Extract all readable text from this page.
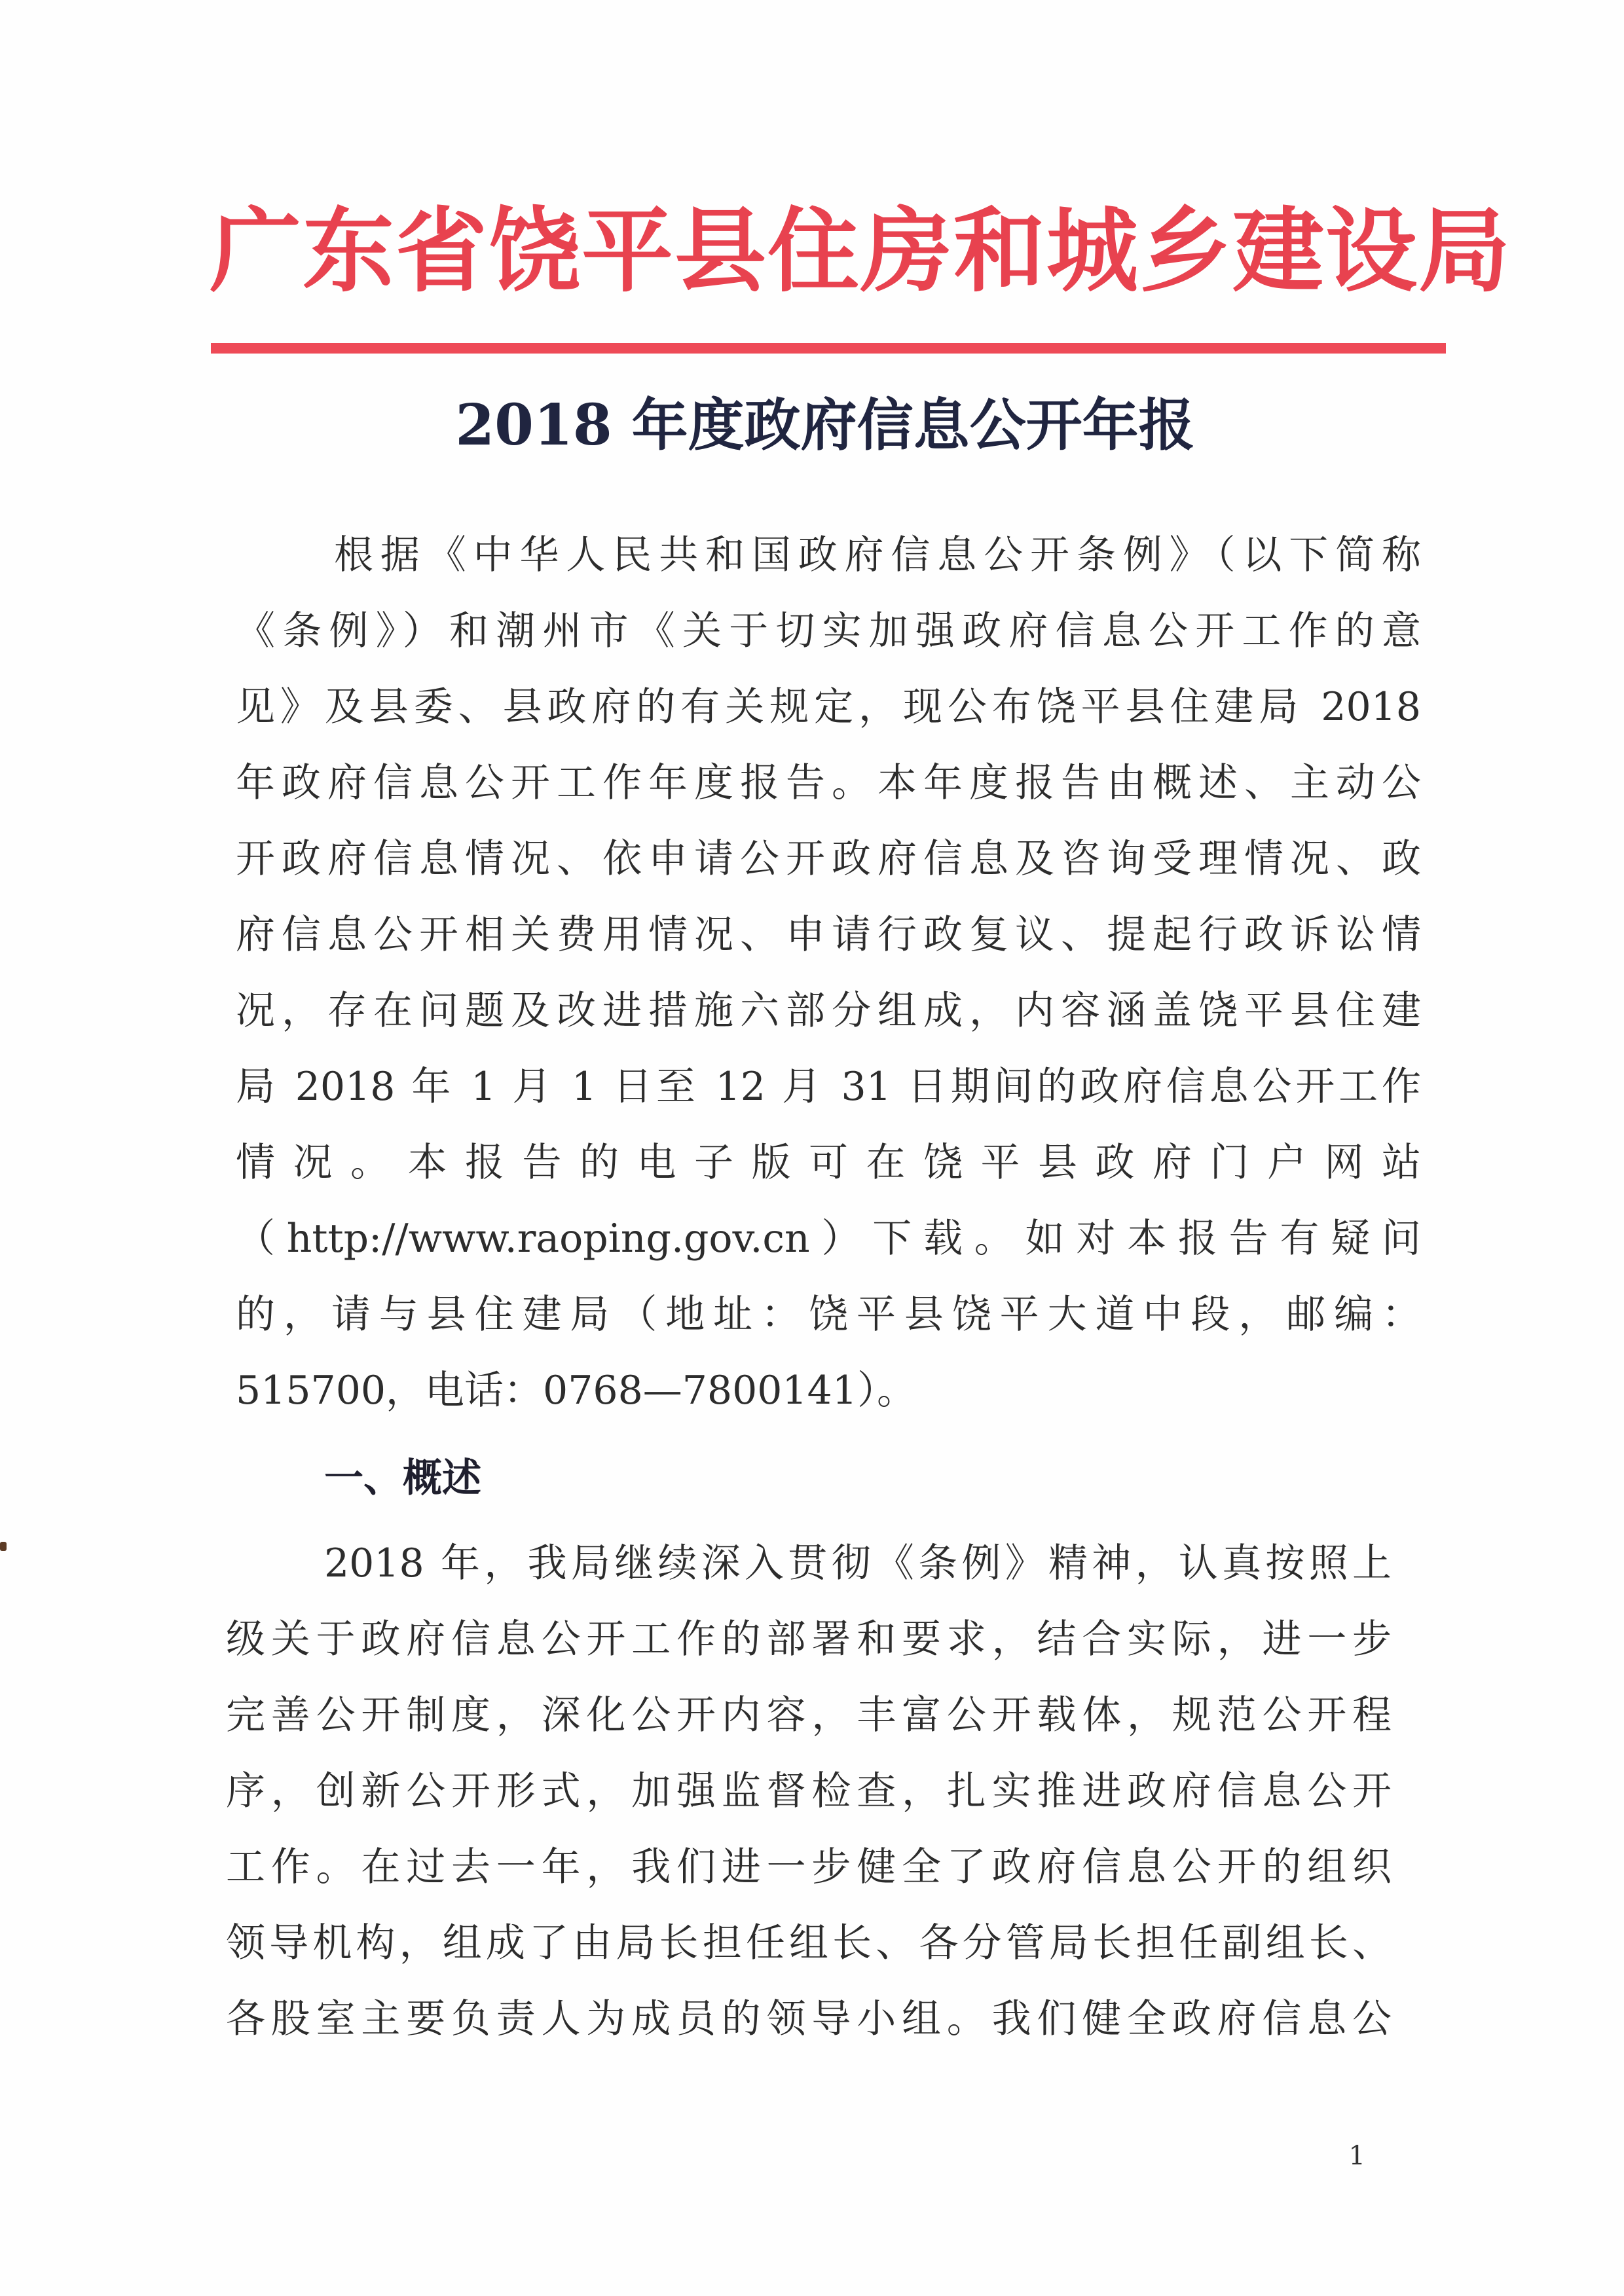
广东省饶平县住房和城乡建设局
2018 年度政府信息公开年报
根据《中华人民共和国政府信息公开条例》（以下简称
《条例》）和潮州市《关于切实加强政府信息公开工作的意
见》及县委、县政府的有关规定，现公布饶平县住建局 2018
年政府信息公开工作年度报告。本年度报告由概述、主动公
开政府信息情况、依申请公开政府信息及咨询受理情况、政
府信息公开相关费用情况、申请行政复议、提起行政诉讼情
况，存在问题及改进措施六部分组成，内容涵盖饶平县住建
局 2018 年 1 月 1 日至 12 月 31 日期间的政府信息公开工作
情况。本报告的电子版可在饶平县政府门户网站
（http://www.raoping.gov.cn）下载。如对本报告有疑问
的，请与县住建局（地址：饶平县饶平大道中段，邮编：
515700，电话：0768—7800141）。
一、概述
2018 年，我局继续深入贯彻《条例》精神，认真按照上
级关于政府信息公开工作的部署和要求，结合实际，进一步
完善公开制度，深化公开内容，丰富公开载体，规范公开程
序，创新公开形式，加强监督检查，扎实推进政府信息公开
工作。在过去一年，我们进一步健全了政府信息公开的组织
领导机构，组成了由局长担任组长、各分管局长担任副组长、
各股室主要负责人为成员的领导小组。我们健全政府信息公
1
